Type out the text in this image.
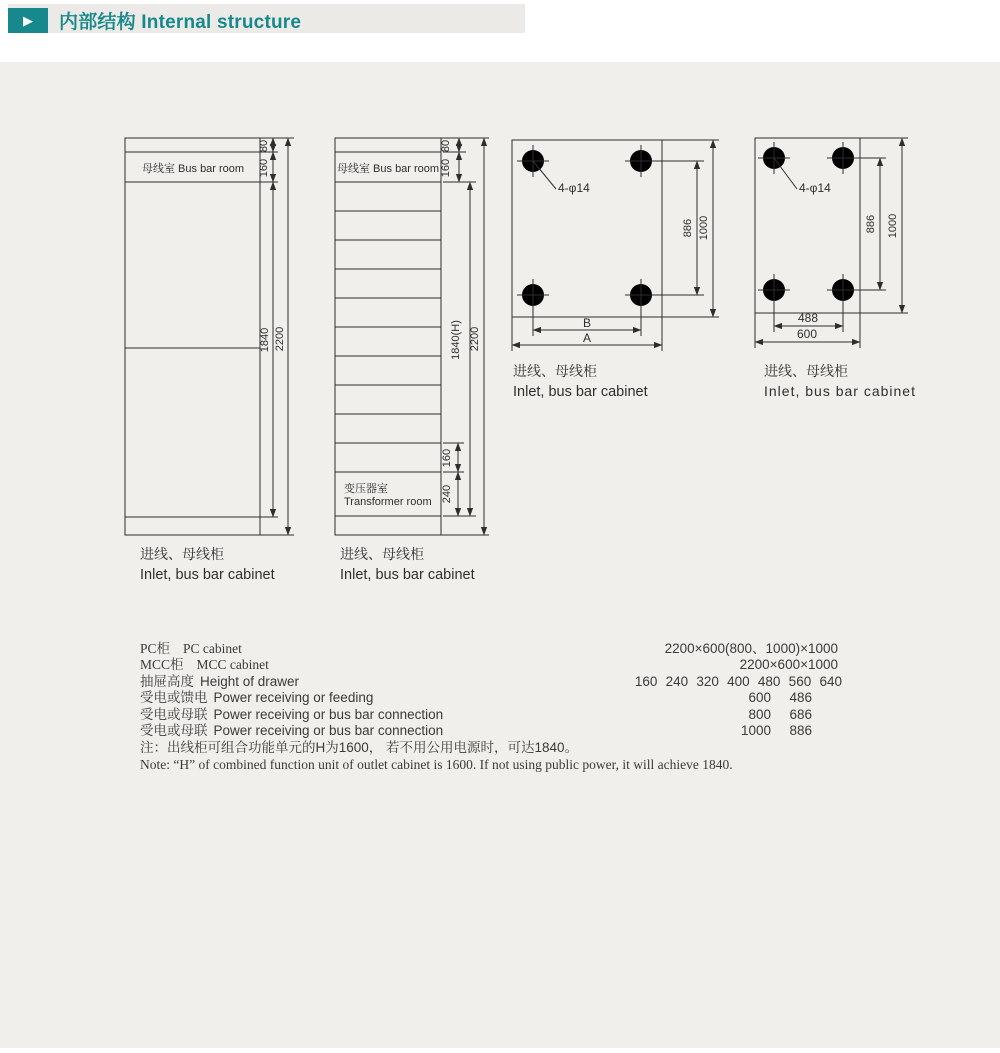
▶ 内部结构 Internal structure
80
160
1840 2200
母线室 Bus bar room
进线、母线柜
Inlet, bus bar cabinet
80
160
160
240
1840(H) 2200
母线室 Bus bar room
变压器室
Transformer room
进线、母线柜
Inlet, bus bar cabinet
4-φ14
886 1000
B
A
进线、母线柜
Inlet, bus bar cabinet
4-φ14
886 1000
488
600
进线、母线柜
Inlet, bus bar cabinet
PC柜 PC cabinet	2200×600(800、1000)×1000
MCC柜 MCC cabinet	2200×600×1000
抽屉高度 Height of drawer	160 240 320 400 480 560 640
受电或馈电 Power receiving or feeding	600	486
受电或母联 Power receiving or bus bar connection	800	686
受电或母联 Power receiving or bus bar connection	1000	886
注：出线柜可组合功能单元的H为1600， 若不用公用电源时，可达1840。
Note: “H” of combined function unit of outlet cabinet is 1600. If not using public power, it will achieve 1840.
